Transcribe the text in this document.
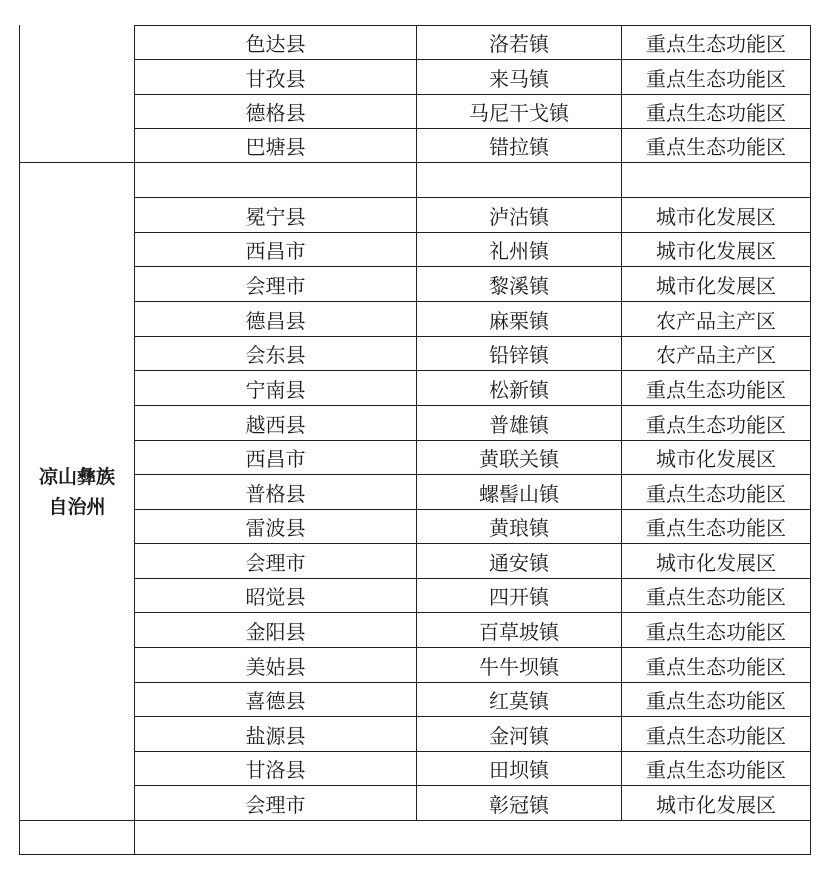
凉山彝族
自治州
色达县	洛若镇	重点生态功能区
甘孜县	来马镇	重点生态功能区
德格县	马尼干戈镇	重点生态功能区
巴塘县	错拉镇	重点生态功能区
冕宁县	泸沽镇	城市化发展区
西昌市	礼州镇	城市化发展区
会理市	黎溪镇	城市化发展区
德昌县	麻栗镇	农产品主产区
会东县	铅锌镇	农产品主产区
宁南县	松新镇	重点生态功能区
越西县	普雄镇	重点生态功能区
西昌市	黄联关镇	城市化发展区
普格县	螺髻山镇	重点生态功能区
雷波县	黄琅镇	重点生态功能区
会理市	通安镇	城市化发展区
昭觉县	四开镇	重点生态功能区
金阳县	百草坡镇	重点生态功能区
美姑县	牛牛坝镇	重点生态功能区
喜德县	红莫镇	重点生态功能区
盐源县	金河镇	重点生态功能区
甘洛县	田坝镇	重点生态功能区
会理市	彰冠镇	城市化发展区
